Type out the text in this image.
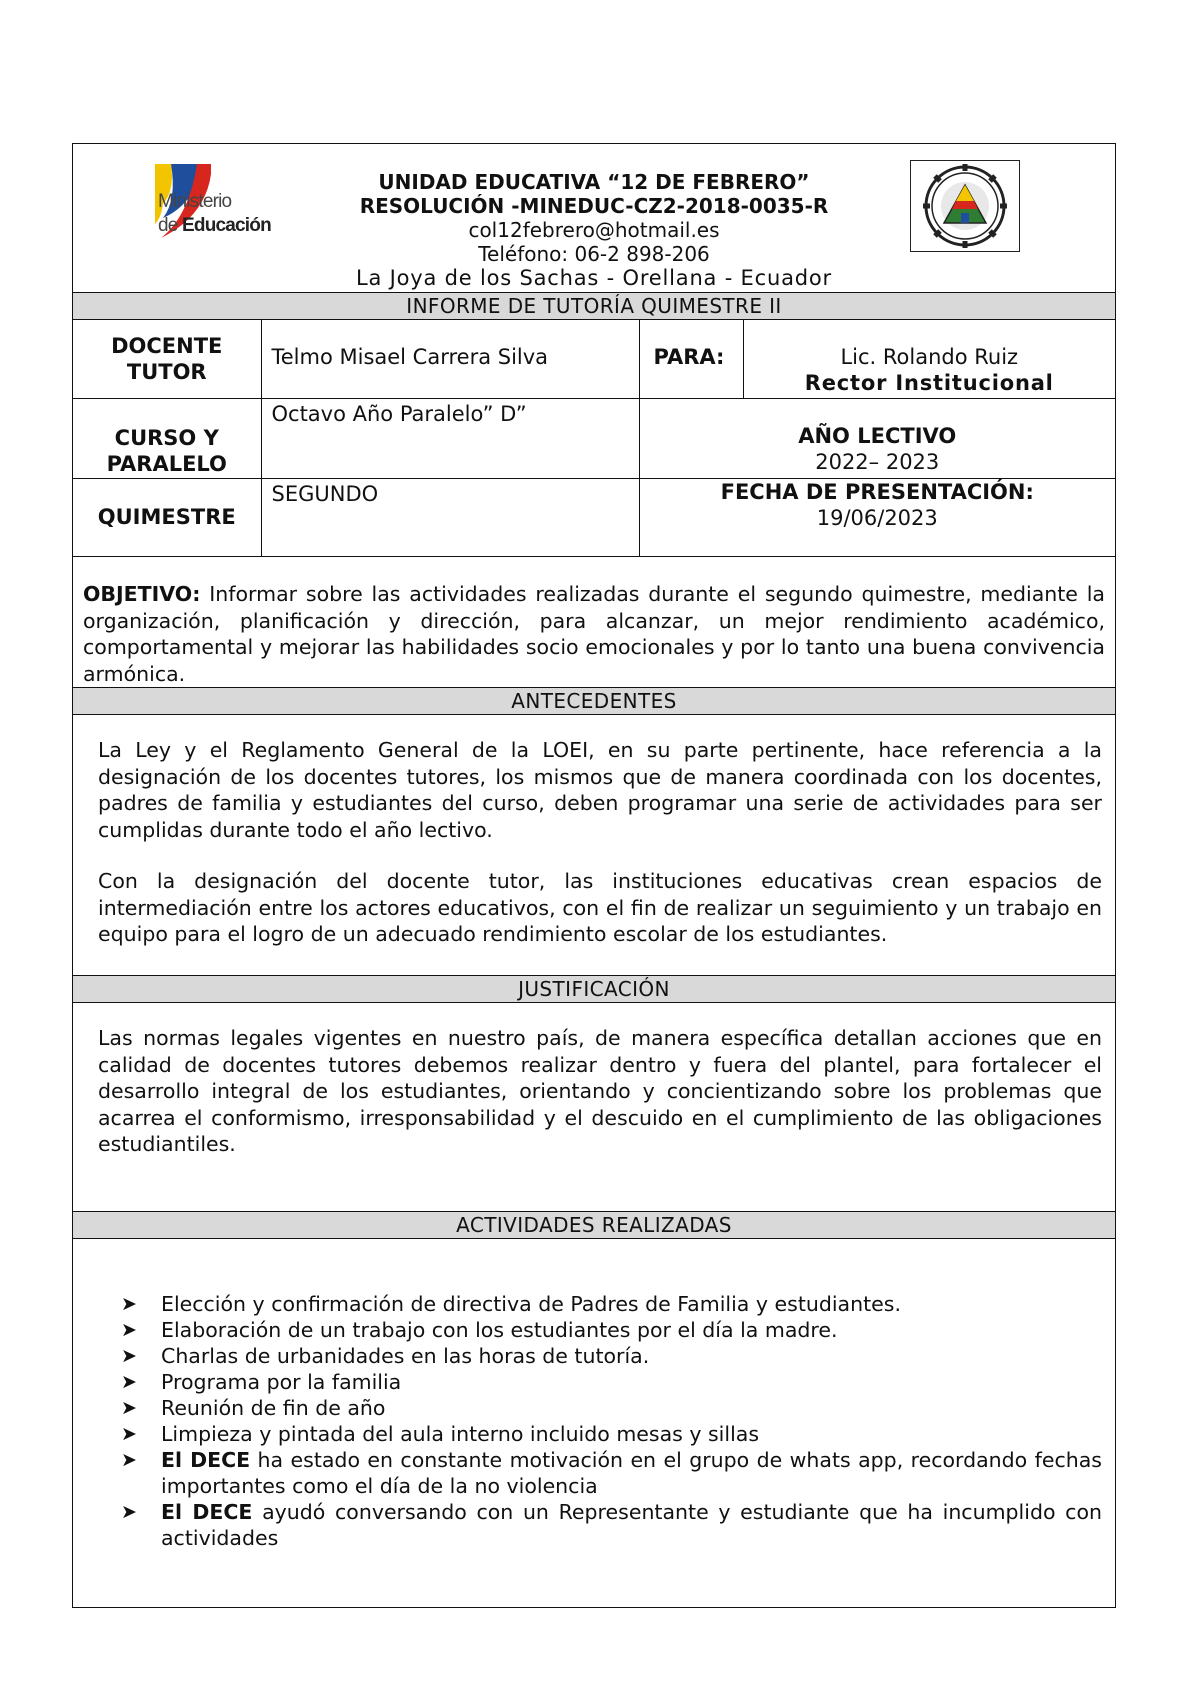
Ministerio
de Educación
UNIDAD EDUCATIVA “12 DE FEBRERO”
RESOLUCIÓN -MINEDUC-CZ2-2018-0035-R
col12febrero@hotmail.es
Teléfono: 06-2 898-206
La Joya de los Sachas - Orellana - Ecuador
INFORME DE TUTORÍA QUIMESTRE II
DOCENTE TUTOR	Telmo Misael Carrera Silva	PARA:	Lic. Rolando Ruiz
Rector Institucional

CURSO Y PARALELO	Octavo Año Paralelo” D”	AÑO LECTIVO
2022– 2023	

QUIMESTRE	SEGUNDO	FECHA DE PRESENTACIÓN:
19/06/2023	
OBJETIVO: Informar sobre las actividades realizadas durante el segundo quimestre, mediante la organización, planificación y dirección, para alcanzar, un mejor rendimiento académico, comportamental y mejorar las habilidades socio emocionales y por lo tanto una buena convivencia armónica.
ANTECEDENTES

La Ley y el Reglamento General de la LOEI, en su parte pertinente, hace referencia a la designación de los docentes tutores, los mismos que de manera coordinada con los docentes, padres de familia y estudiantes del curso, deben programar una serie de actividades para ser cumplidas durante todo el año lectivo.

Con la designación del docente tutor, las instituciones educativas crean espacios de intermediación entre los actores educativos, con el fin de realizar un seguimiento y un trabajo en equipo para el logro de un adecuado rendimiento escolar de los estudiantes.

JUSTIFICACIÓN
Las normas legales vigentes en nuestro país, de manera específica detallan acciones que en calidad de docentes tutores debemos realizar dentro y fuera del plantel, para fortalecer el desarrollo integral de los estudiantes, orientando y concientizando sobre los problemas que acarrea el conformismo, irresponsabilidad y el descuido en el cumplimiento de las obligaciones estudiantiles.
ACTIVIDADES REALIZADAS
➤ Elección y confirmación de directiva de Padres de Familia y estudiantes.
➤ Elaboración de un trabajo con los estudiantes por el día la madre.
➤ Charlas de urbanidades en las horas de tutoría.
➤ Programa por la familia
➤ Reunión de fin de año
➤ Limpieza y pintada del aula interno incluido mesas y sillas
➤ El DECE ha estado en constante motivación en el grupo de whats app, recordando fechas importantes como el día de la no violencia
➤ El DECE ayudó conversando con un Representante y estudiante que ha incumplido con actividades
